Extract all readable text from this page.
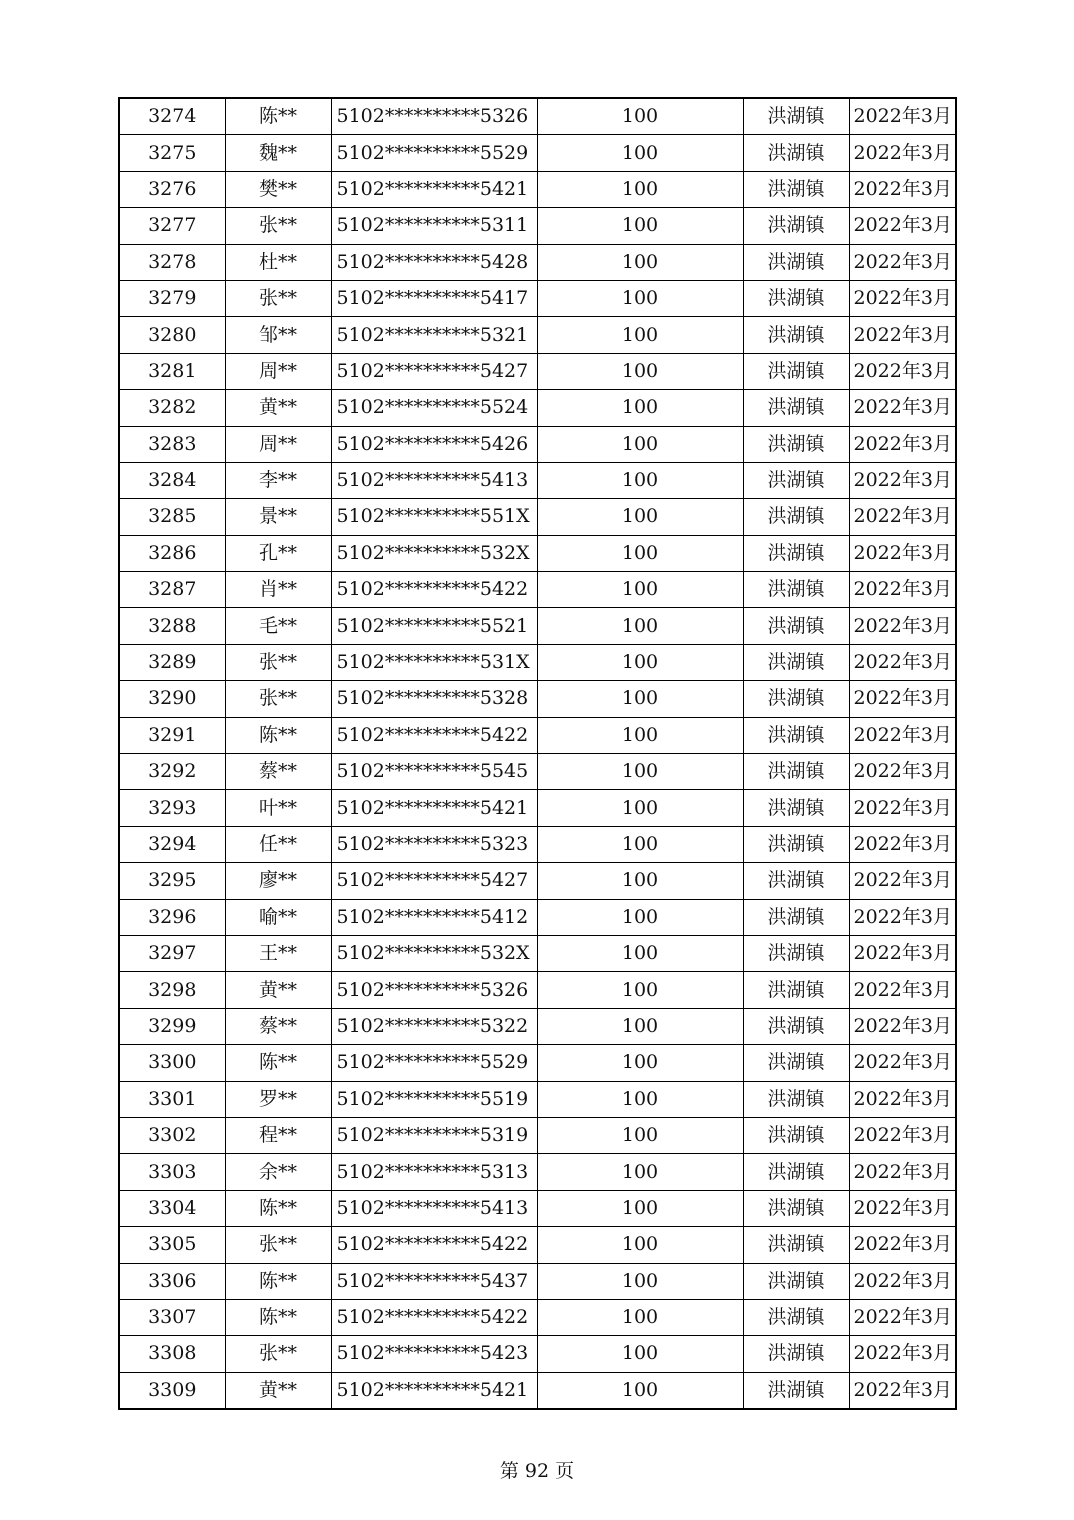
3274	陈**	5102**********5326	100	洪湖镇	2022年3月
3275	魏**	5102**********5529	100	洪湖镇	2022年3月
3276	樊**	5102**********5421	100	洪湖镇	2022年3月
3277	张**	5102**********5311	100	洪湖镇	2022年3月
3278	杜**	5102**********5428	100	洪湖镇	2022年3月
3279	张**	5102**********5417	100	洪湖镇	2022年3月
3280	邹**	5102**********5321	100	洪湖镇	2022年3月
3281	周**	5102**********5427	100	洪湖镇	2022年3月
3282	黄**	5102**********5524	100	洪湖镇	2022年3月
3283	周**	5102**********5426	100	洪湖镇	2022年3月
3284	李**	5102**********5413	100	洪湖镇	2022年3月
3285	景**	5102**********551X	100	洪湖镇	2022年3月
3286	孔**	5102**********532X	100	洪湖镇	2022年3月
3287	肖**	5102**********5422	100	洪湖镇	2022年3月
3288	毛**	5102**********5521	100	洪湖镇	2022年3月
3289	张**	5102**********531X	100	洪湖镇	2022年3月
3290	张**	5102**********5328	100	洪湖镇	2022年3月
3291	陈**	5102**********5422	100	洪湖镇	2022年3月
3292	蔡**	5102**********5545	100	洪湖镇	2022年3月
3293	叶**	5102**********5421	100	洪湖镇	2022年3月
3294	任**	5102**********5323	100	洪湖镇	2022年3月
3295	廖**	5102**********5427	100	洪湖镇	2022年3月
3296	喻**	5102**********5412	100	洪湖镇	2022年3月
3297	王**	5102**********532X	100	洪湖镇	2022年3月
3298	黄**	5102**********5326	100	洪湖镇	2022年3月
3299	蔡**	5102**********5322	100	洪湖镇	2022年3月
3300	陈**	5102**********5529	100	洪湖镇	2022年3月
3301	罗**	5102**********5519	100	洪湖镇	2022年3月
3302	程**	5102**********5319	100	洪湖镇	2022年3月
3303	余**	5102**********5313	100	洪湖镇	2022年3月
3304	陈**	5102**********5413	100	洪湖镇	2022年3月
3305	张**	5102**********5422	100	洪湖镇	2022年3月
3306	陈**	5102**********5437	100	洪湖镇	2022年3月
3307	陈**	5102**********5422	100	洪湖镇	2022年3月
3308	张**	5102**********5423	100	洪湖镇	2022年3月
3309	黄**	5102**********5421	100	洪湖镇	2022年3月
第 92 页
